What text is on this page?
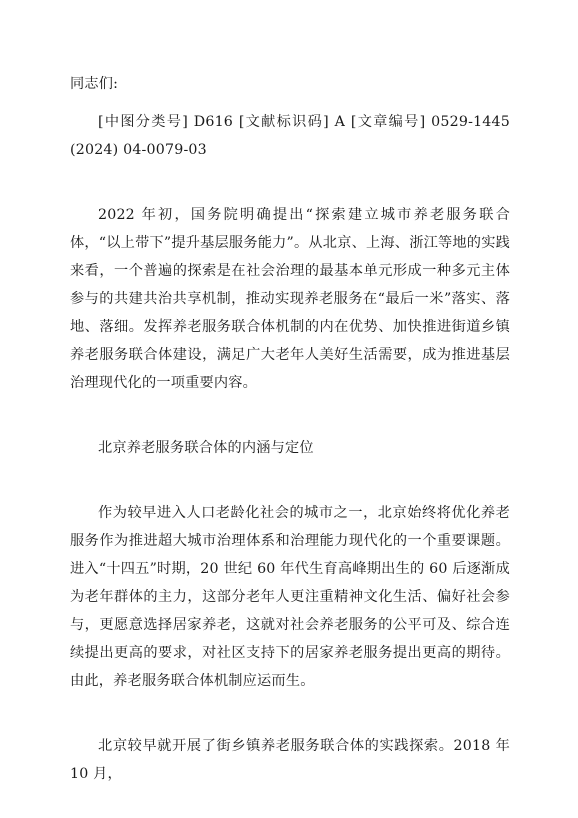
同志们:

[中图分类号] D616 [文献标识码] A [文章编号] 0529-1445 (2024) 04-0079-03

2022 年初，国务院明确提出“探索建立城市养老服务联合体，“以上带下”提升基层服务能力”。从北京、上海、浙江等地的实践来看，一个普遍的探索是在社会治理的最基本单元形成一种多元主体参与的共建共治共享机制，推动实现养老服务在“最后一米”落实、落地、落细。发挥养老服务联合体机制的内在优势、加快推进街道乡镇养老服务联合体建设，满足广大老年人美好生活需要，成为推进基层治理现代化的一项重要内容。

北京养老服务联合体的内涵与定位

作为较早进入人口老龄化社会的城市之一，北京始终将优化养老服务作为推进超大城市治理体系和治理能力现代化的一个重要课题。进入“十四五”时期，20 世纪 60 年代生育高峰期出生的 60 后逐渐成为老年群体的主力，这部分老年人更注重精神文化生活、偏好社会参与，更愿意选择居家养老，这就对社会养老服务的公平可及、综合连续提出更高的要求，对社区支持下的居家养老服务提出更高的期待。由此，养老服务联合体机制应运而生。

北京较早就开展了街乡镇养老服务联合体的实践探索。2018 年 10 月，
